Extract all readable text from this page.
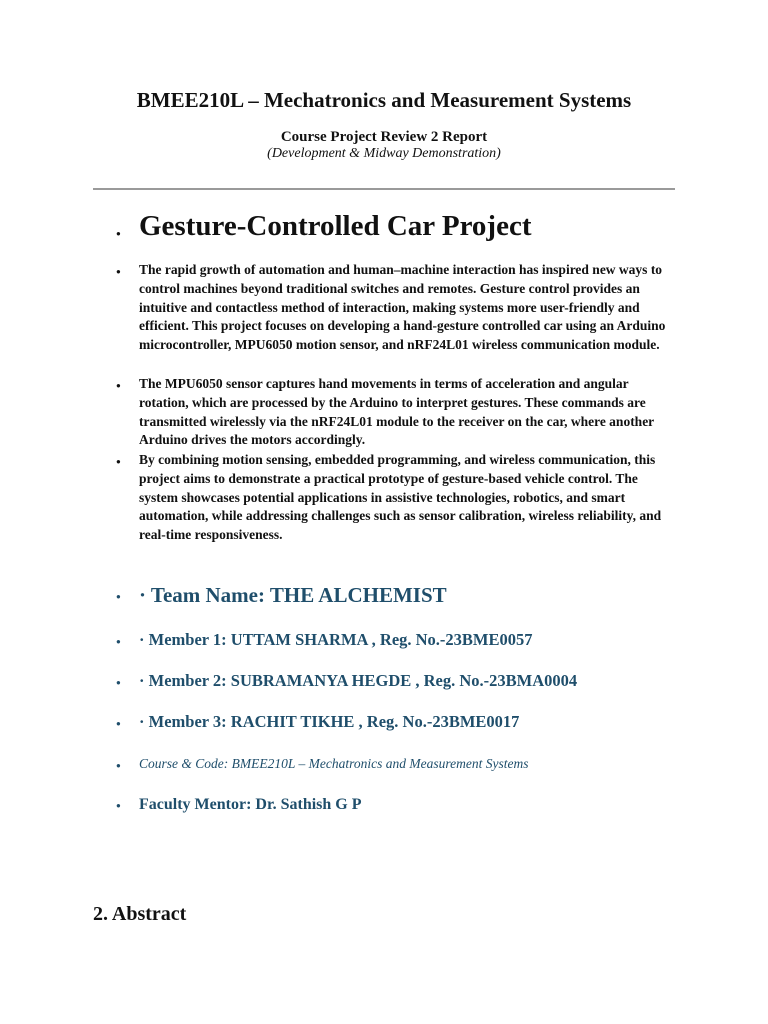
BMEE210L – Mechatronics and Measurement Systems
Course Project Review 2 Report
(Development & Midway Demonstration)
● Gesture-Controlled Car Project
● The rapid growth of automation and human–machine interaction has inspired new ways to control machines beyond traditional switches and remotes. Gesture control provides an intuitive and contactless method of interaction, making systems more user-friendly and efficient. This project focuses on developing a hand-gesture controlled car using an Arduino microcontroller, MPU6050 motion sensor, and nRF24L01 wireless communication module.

● The MPU6050 sensor captures hand movements in terms of acceleration and angular rotation, which are processed by the Arduino to interpret gestures. These commands are transmitted wirelessly via the nRF24L01 module to the receiver on the car, where another Arduino drives the motors accordingly.

● By combining motion sensing, embedded programming, and wireless communication, this project aims to demonstrate a practical prototype of gesture-based vehicle control. The system showcases potential applications in assistive technologies, robotics, and smart automation, while addressing challenges such as sensor calibration, wireless reliability, and real-time responsiveness.

● · Team Name: THE ALCHEMIST
● · Member 1: UTTAM SHARMA , Reg. No.-23BME0057
● · Member 2: SUBRAMANYA HEGDE , Reg. No.-23BMA0004
● · Member 3: RACHIT TIKHE , Reg. No.-23BME0017
● Course & Code: BMEE210L – Mechatronics and Measurement Systems
● Faculty Mentor: Dr. Sathish G P
2. Abstract
